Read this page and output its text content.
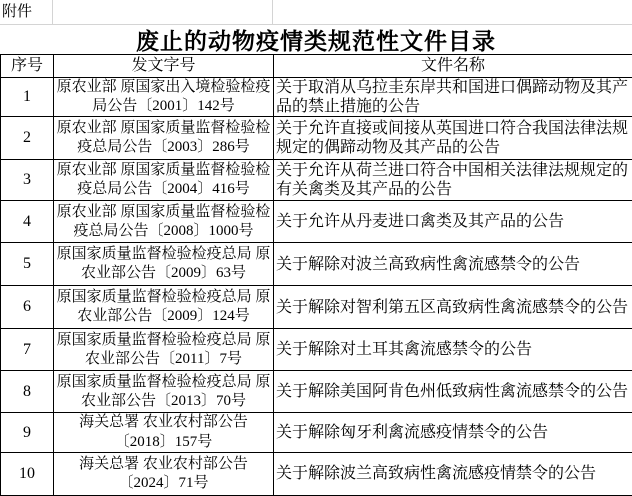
附件
废止的动物疫情类规范性文件目录
序号	发文字号	文件名称
1	原农业部 原国家出入境检验检疫局公告〔2001〕142号	关于取消从乌拉圭东岸共和国进口偶蹄动物及其产品的禁止措施的公告
2	原农业部 原国家质量监督检验检疫总局公告〔2003〕286号	关于允许直接或间接从英国进口符合我国法律法规规定的偶蹄动物及其产品的公告
3	原农业部 原国家质量监督检验检疫总局公告〔2004〕416号	关于允许从荷兰进口符合中国相关法律法规规定的有关禽类及其产品的公告
4	原农业部 原国家质量监督检验检疫总局公告〔2008〕1000号	关于允许从丹麦进口禽类及其产品的公告
5	原国家质量监督检验检疫总局 原农业部公告〔2009〕63号	关于解除对波兰高致病性禽流感禁令的公告
6	原国家质量监督检验检疫总局 原农业部公告〔2009〕124号	关于解除对智利第五区高致病性禽流感禁令的公告
7	原国家质量监督检验检疫总局 原农业部公告〔2011〕7号	关于解除对土耳其禽流感禁令的公告
8	原国家质量监督检验检疫总局 原农业部公告〔2013〕70号	关于解除美国阿肯色州低致病性禽流感禁令的公告
9	海关总署 农业农村部公告〔2018〕157号	关于解除匈牙利禽流感疫情禁令的公告
10	海关总署 农业农村部公告〔2024〕71号	关于解除波兰高致病性禽流感疫情禁令的公告
